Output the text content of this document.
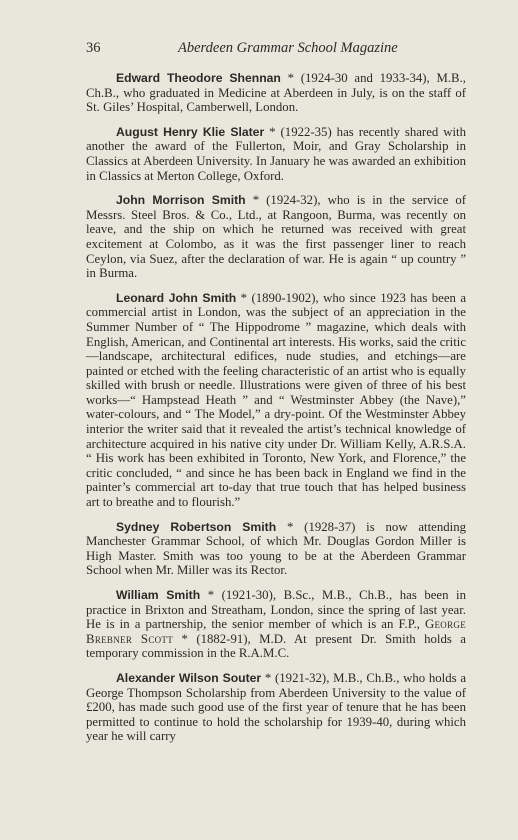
36	Aberdeen Grammar School Magazine

Edward Theodore Shennan * (1924-30 and 1933-34), M.B., Ch.B., who graduated in Medicine at Aberdeen in July, is on the staff of St. Giles’ Hospital, Camberwell, London.

August Henry Klie Slater * (1922-35) has recently shared with another the award of the Fullerton, Moir, and Gray Scholarship in Classics at Aberdeen University. In January he was awarded an exhibition in Classics at Merton College, Oxford.

John Morrison Smith * (1924-32), who is in the service of Messrs. Steel Bros. & Co., Ltd., at Rangoon, Burma, was recently on leave, and the ship on which he returned was received with great excitement at Colombo, as it was the first passenger liner to reach Ceylon, via Suez, after the declaration of war. He is again “ up country ” in Burma.

Leonard John Smith * (1890-1902), who since 1923 has been a commercial artist in London, was the subject of an appreciation in the Summer Number of “ The Hippodrome ” magazine, which deals with English, American, and Continental art interests. His works, said the critic—landscape, architectural edifices, nude studies, and etchings—are painted or etched with the feeling characteristic of an artist who is equally skilled with brush or needle. Illustrations were given of three of his best works—“ Hampstead Heath ” and “ Westminster Abbey (the Nave),” water-colours, and “ The Model,” a dry-point. Of the Westminster Abbey interior the writer said that it revealed the artist’s technical knowledge of architecture acquired in his native city under Dr. William Kelly, A.R.S.A. “ His work has been exhibited in Toronto, New York, and Florence,” the critic concluded, “ and since he has been back in England we find in the painter’s commercial art to-day that true touch that has helped business art to breathe and to flourish.”

Sydney Robertson Smith * (1928-37) is now attending Manchester Grammar School, of which Mr. Douglas Gordon Miller is High Master. Smith was too young to be at the Aberdeen Grammar School when Mr. Miller was its Rector.

William Smith * (1921-30), B.Sc., M.B., Ch.B., has been in practice in Brixton and Streatham, London, since the spring of last year. He is in a partnership, the senior member of which is an F.P., George Brebner Scott * (1882-91), M.D. At present Dr. Smith holds a temporary commission in the R.A.M.C.

Alexander Wilson Souter * (1921-32), M.B., Ch.B., who holds a George Thompson Scholarship from Aberdeen University to the value of £200, has made such good use of the first year of tenure that he has been permitted to continue to hold the scholarship for 1939-40, during which year he will carry
